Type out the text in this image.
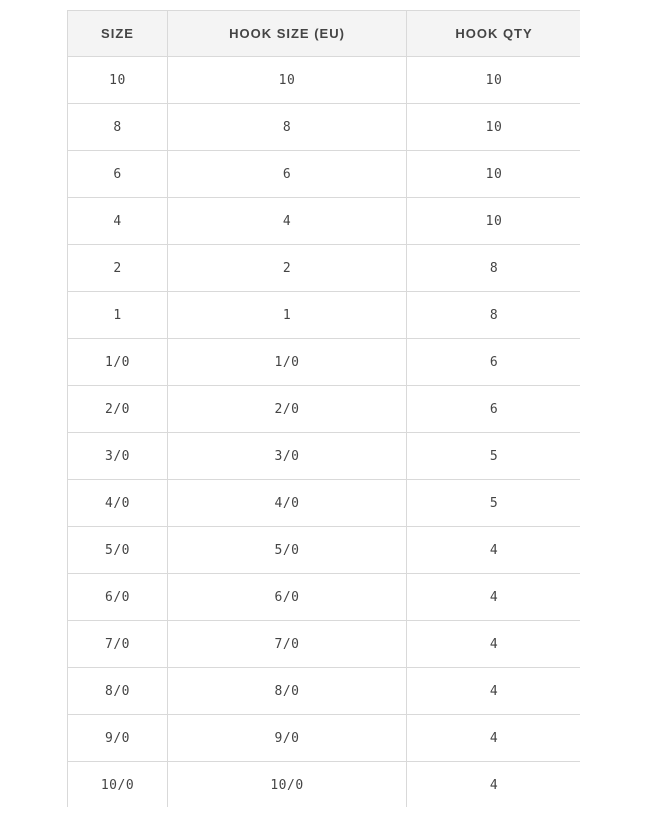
SIZE	HOOK SIZE (EU)	HOOK QTY
10	10	10
8	8	10
6	6	10
4	4	10
2	2	8
1	1	8
1/0	1/0	6
2/0	2/0	6
3/0	3/0	5
4/0	4/0	5
5/0	5/0	4
6/0	6/0	4
7/0	7/0	4
8/0	8/0	4
9/0	9/0	4
10/0	10/0	4
